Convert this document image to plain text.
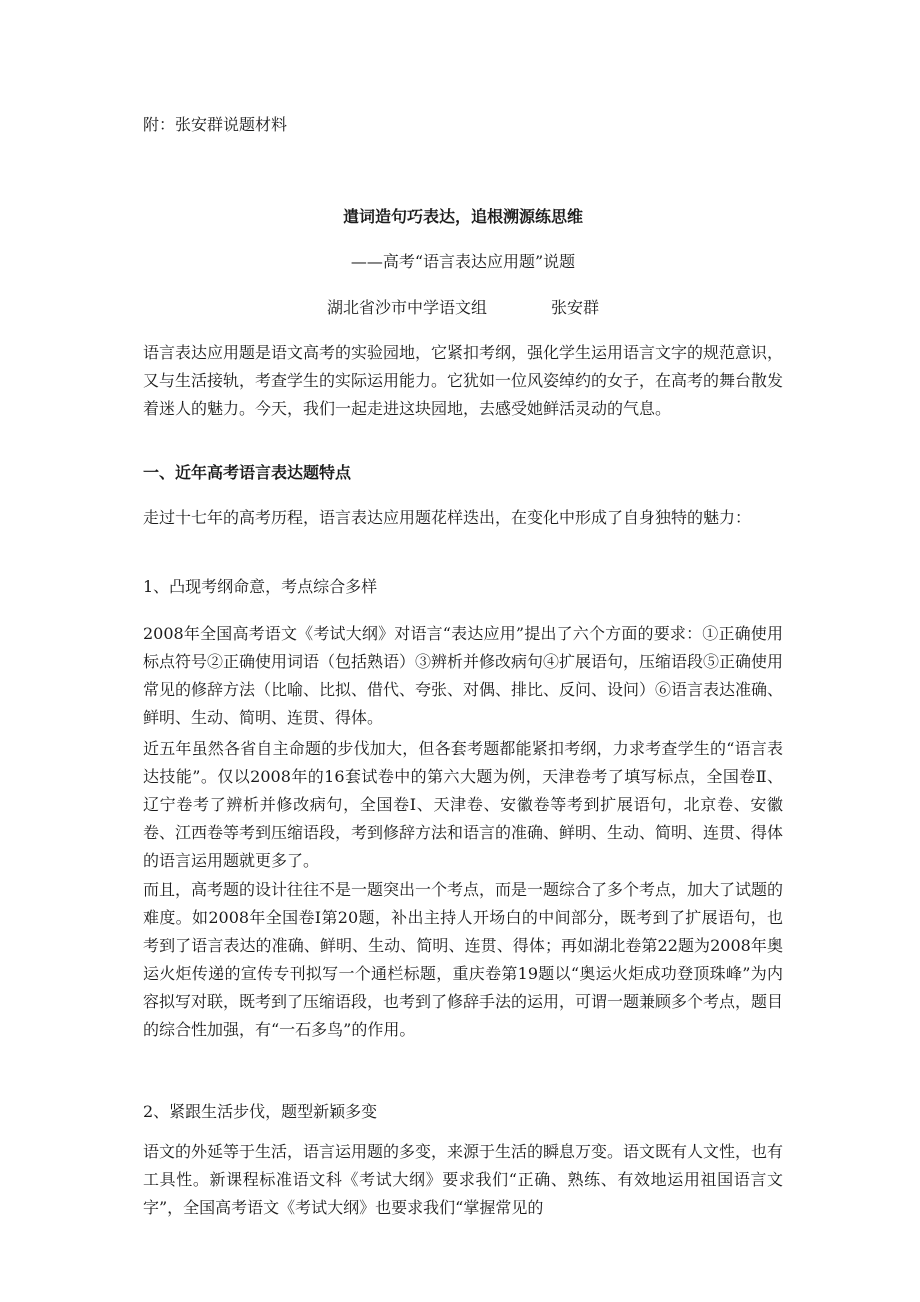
附：张安群说题材料
遣词造句巧表达，追根溯源练思维
——高考“语言表达应用题”说题
湖北省沙市中学语文组	张安群
语言表达应用题是语文高考的实验园地，它紧扣考纲，强化学生运用语言文字的规范意识，又与生活接轨，考查学生的实际运用能力。它犹如一位风姿绰约的女子，在高考的舞台散发着迷人的魅力。今天，我们一起走进这块园地，去感受她鲜活灵动的气息。
一、近年高考语言表达题特点
走过十七年的高考历程，语言表达应用题花样迭出，在变化中形成了自身独特的魅力：
1、凸现考纲命意，考点综合多样
2008年全国高考语文《考试大纲》对语言“表达应用”提出了六个方面的要求：①正确使用标点符号②正确使用词语（包括熟语）③辨析并修改病句④扩展语句，压缩语段⑤正确使用常见的修辞方法（比喻、比拟、借代、夸张、对偶、排比、反问、设问）⑥语言表达准确、鲜明、生动、简明、连贯、得体。
近五年虽然各省自主命题的步伐加大，但各套考题都能紧扣考纲，力求考查学生的“语言表达技能”。仅以2008年的16套试卷中的第六大题为例，天津卷考了填写标点，全国卷Ⅱ、辽宁卷考了辨析并修改病句，全国卷Ⅰ、天津卷、安徽卷等考到扩展语句，北京卷、安徽卷、江西卷等考到压缩语段，考到修辞方法和语言的准确、鲜明、生动、简明、连贯、得体的语言运用题就更多了。
而且，高考题的设计往往不是一题突出一个考点，而是一题综合了多个考点，加大了试题的难度。如2008年全国卷Ⅰ第20题，补出主持人开场白的中间部分，既考到了扩展语句，也考到了语言表达的准确、鲜明、生动、简明、连贯、得体；再如湖北卷第22题为2008年奥运火炬传递的宣传专刊拟写一个通栏标题，重庆卷第19题以“奥运火炬成功登顶珠峰”为内容拟写对联，既考到了压缩语段，也考到了修辞手法的运用，可谓一题兼顾多个考点，题目的综合性加强，有“一石多鸟”的作用。
2、紧跟生活步伐，题型新颖多变
语文的外延等于生活，语言运用题的多变，来源于生活的瞬息万变。语文既有人文性，也有工具性。新课程标准语文科《考试大纲》要求我们“正确、熟练、有效地运用祖国语言文字”，全国高考语文《考试大纲》也要求我们“掌握常见的
